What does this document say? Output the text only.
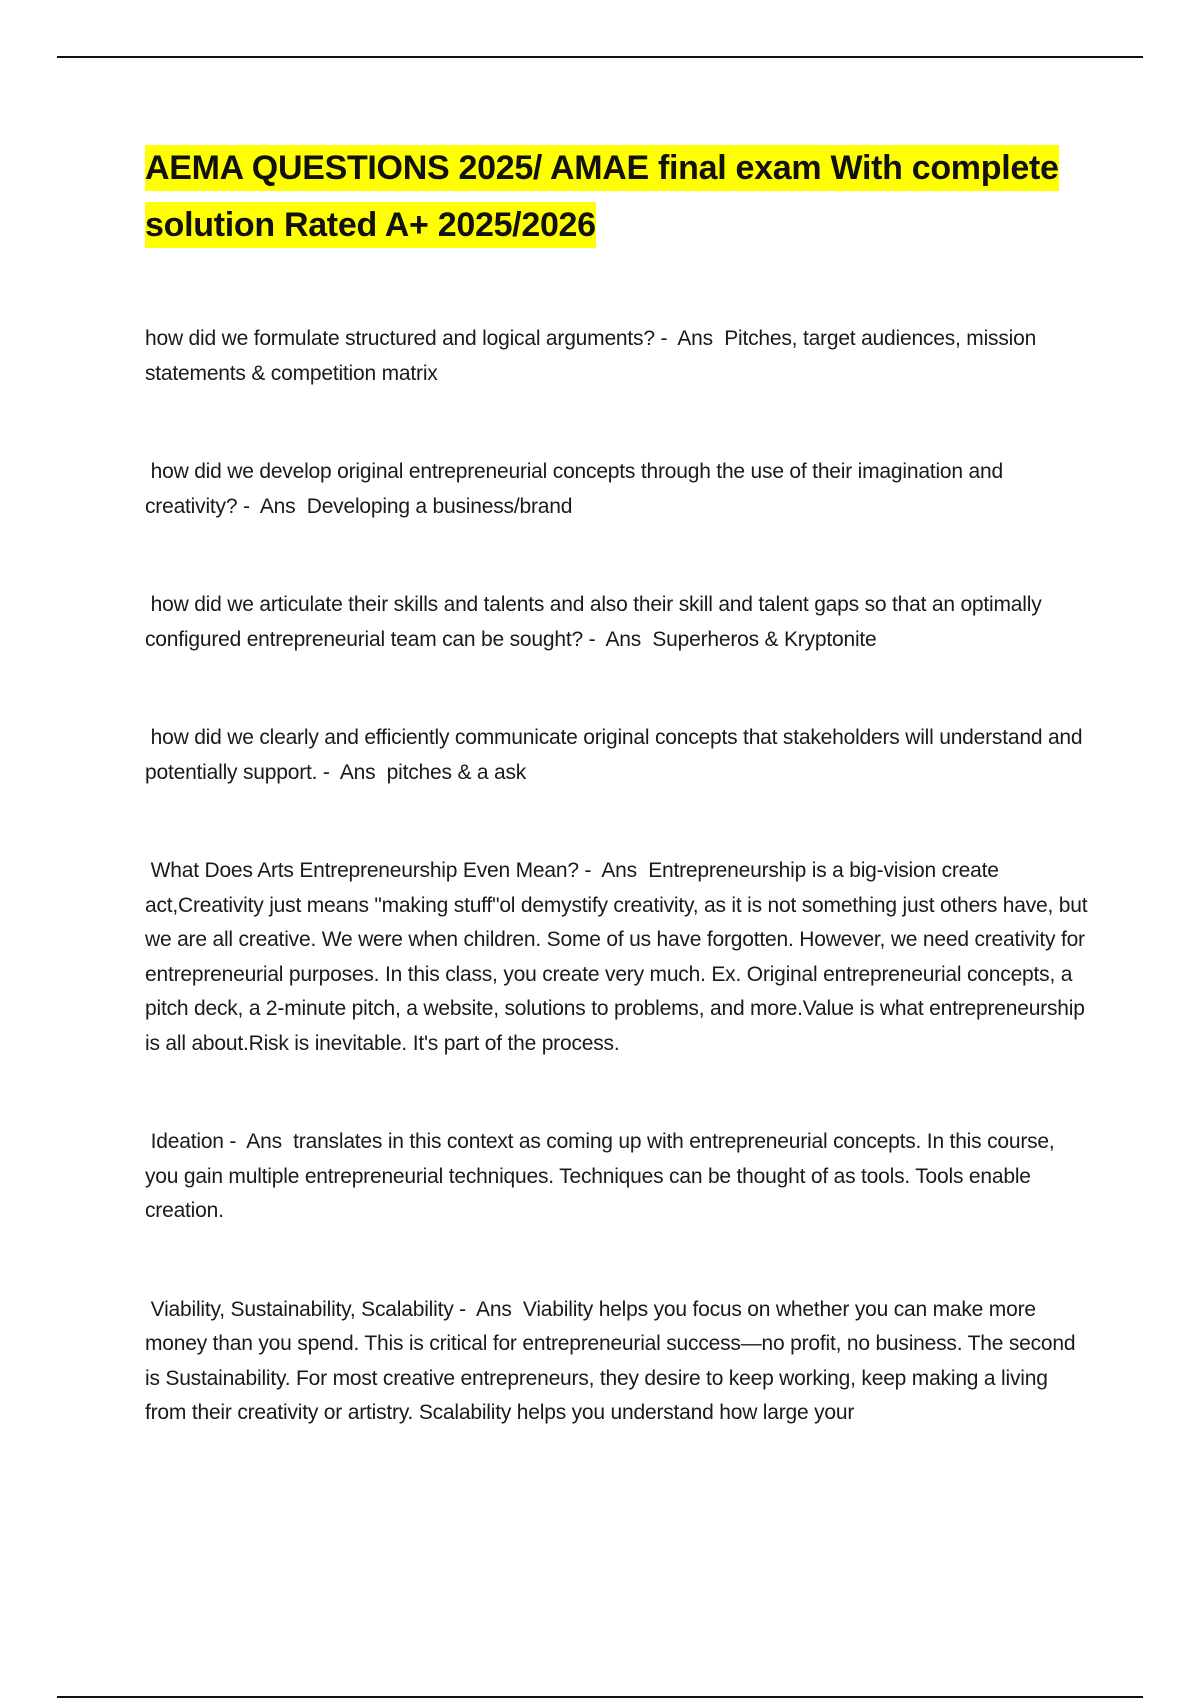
AEMA QUESTIONS 2025/ AMAE final exam With complete solution Rated A+ 2025/2026

how did we formulate structured and logical arguments? -  Ans  Pitches, target audiences, mission statements & competition matrix

how did we develop original entrepreneurial concepts through the use of their imagination and creativity? -  Ans  Developing a business/brand

how did we articulate their skills and talents and also their skill and talent gaps so that an optimally configured entrepreneurial team can be sought? -  Ans  Superheros & Kryptonite

how did we clearly and efficiently communicate original concepts that stakeholders will understand and potentially support. -  Ans  pitches & a ask

What Does Arts Entrepreneurship Even Mean? -  Ans  Entrepreneurship is a big-vision create act,Creativity just means "making stuff"ol demystify creativity, as it is not something just others have, but we are all creative. We were when children. Some of us have forgotten. However, we need creativity for entrepreneurial purposes. In this class, you create very much. Ex. Original entrepreneurial concepts, a pitch deck, a 2-minute pitch, a website, solutions to problems, and more.Value is what entrepreneurship is all about.Risk is inevitable. It's part of the process.

Ideation -  Ans  translates in this context as coming up with entrepreneurial concepts. In this course, you gain multiple entrepreneurial techniques. Techniques can be thought of as tools. Tools enable creation.

Viability, Sustainability, Scalability -  Ans  Viability helps you focus on whether you can make more money than you spend. This is critical for entrepreneurial success—no profit, no business. The second is Sustainability. For most creative entrepreneurs, they desire to keep working, keep making a living from their creativity or artistry. Scalability helps you understand how large your
